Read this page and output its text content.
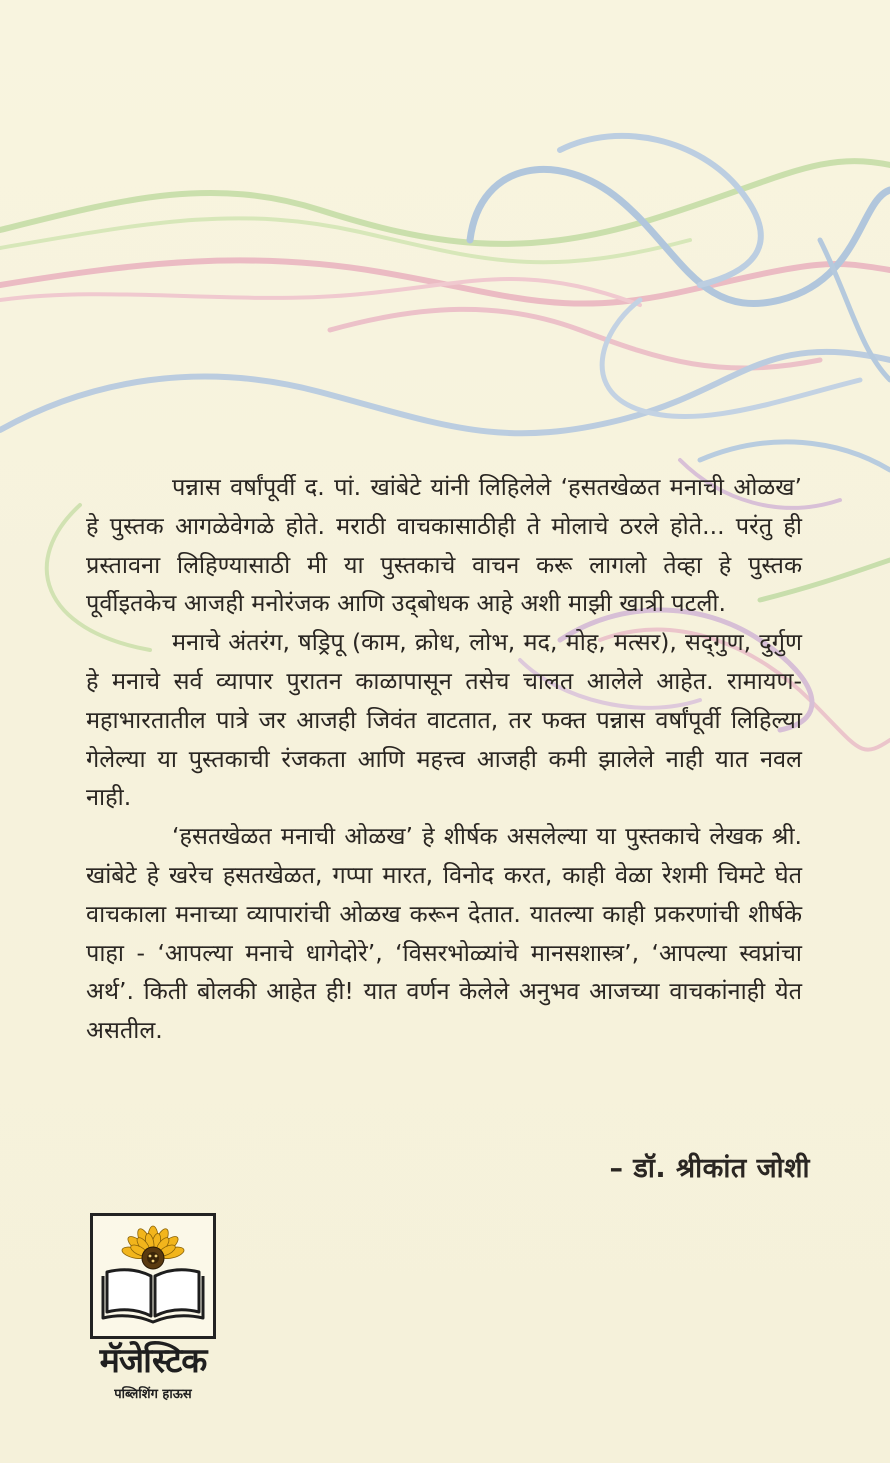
पन्नास वर्षांपूर्वी द. पां. खांबेटे यांनी लिहिलेले ‘हसतखेळत मनाची ओळख’ हे पुस्तक आगळेवेगळे होते. मराठी वाचकासाठीही ते मोलाचे ठरले होते... परंतु ही प्रस्तावना लिहिण्यासाठी मी या पुस्तकाचे वाचन करू लागलो तेव्हा हे पुस्तक पूर्वीइतकेच आजही मनोरंजक आणि उद्‌बोधक आहे अशी माझी खात्री पटली.

मनाचे अंतरंग, षड्रिपू (काम, क्रोध, लोभ, मद, मोह, मत्सर), सद्‌गुण, दुर्गुण हे मनाचे सर्व व्यापार पुरातन काळापासून तसेच चालत आलेले आहेत. रामायण-महाभारतातील पात्रे जर आजही जिवंत वाटतात, तर फक्त पन्नास वर्षांपूर्वी लिहिल्या गेलेल्या या पुस्तकाची रंजकता आणि महत्त्व आजही कमी झालेले नाही यात नवल नाही.

‘हसतखेळत मनाची ओळख’ हे शीर्षक असलेल्या या पुस्तकाचे लेखक श्री. खांबेटे हे खरेच हसतखेळत, गप्पा मारत, विनोद करत, काही वेळा रेशमी चिमटे घेत वाचकाला मनाच्या व्यापारांची ओळख करून देतात. यातल्या काही प्रकरणांची शीर्षके पाहा - ‘आपल्या मनाचे धागेदोरे’, ‘विसरभोळ्यांचे मानसशास्त्र’, ‘आपल्या स्वप्नांचा अर्थ’. किती बोलकी आहेत ही! यात वर्णन केलेले अनुभव आजच्या वाचकांनाही येत असतील.

– डॉ. श्रीकांत जोशी
मॅजेस्टिक
पब्लिशिंग हाऊस
